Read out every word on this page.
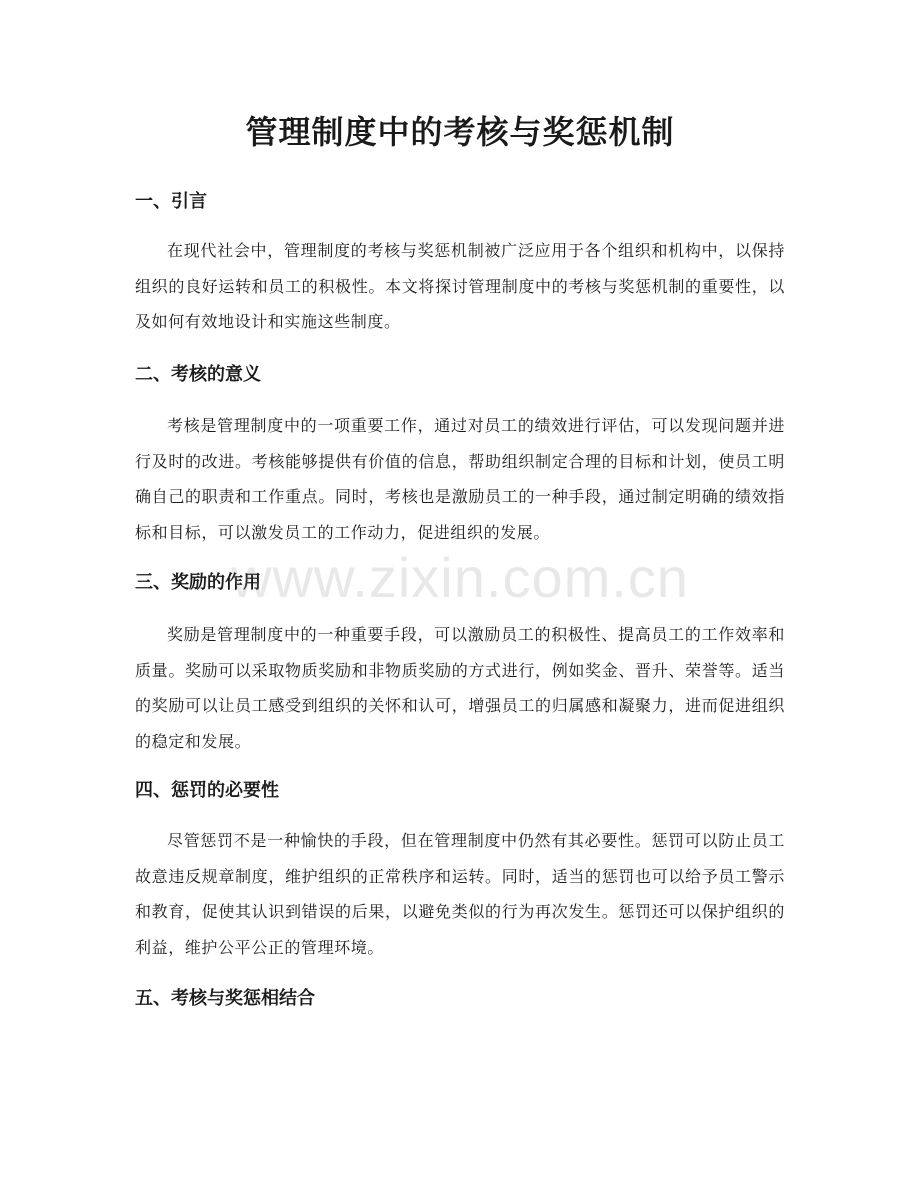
管理制度中的考核与奖惩机制
一、引言

在现代社会中，管理制度的考核与奖惩机制被广泛应用于各个组织和机构中，以保持组织的良好运转和员工的积极性。本文将探讨管理制度中的考核与奖惩机制的重要性，以及如何有效地设计和实施这些制度。

二、考核的意义

考核是管理制度中的一项重要工作，通过对员工的绩效进行评估，可以发现问题并进行及时的改进。考核能够提供有价值的信息，帮助组织制定合理的目标和计划，使员工明确自己的职责和工作重点。同时，考核也是激励员工的一种手段，通过制定明确的绩效指标和目标，可以激发员工的工作动力，促进组织的发展。

三、奖励的作用

奖励是管理制度中的一种重要手段，可以激励员工的积极性、提高员工的工作效率和质量。奖励可以采取物质奖励和非物质奖励的方式进行，例如奖金、晋升、荣誉等。适当的奖励可以让员工感受到组织的关怀和认可，增强员工的归属感和凝聚力，进而促进组织的稳定和发展。

四、惩罚的必要性

尽管惩罚不是一种愉快的手段，但在管理制度中仍然有其必要性。惩罚可以防止员工故意违反规章制度，维护组织的正常秩序和运转。同时，适当的惩罚也可以给予员工警示和教育，促使其认识到错误的后果，以避免类似的行为再次发生。惩罚还可以保护组织的利益，维护公平公正的管理环境。

五、考核与奖惩相结合
www.zixin.com.cn
